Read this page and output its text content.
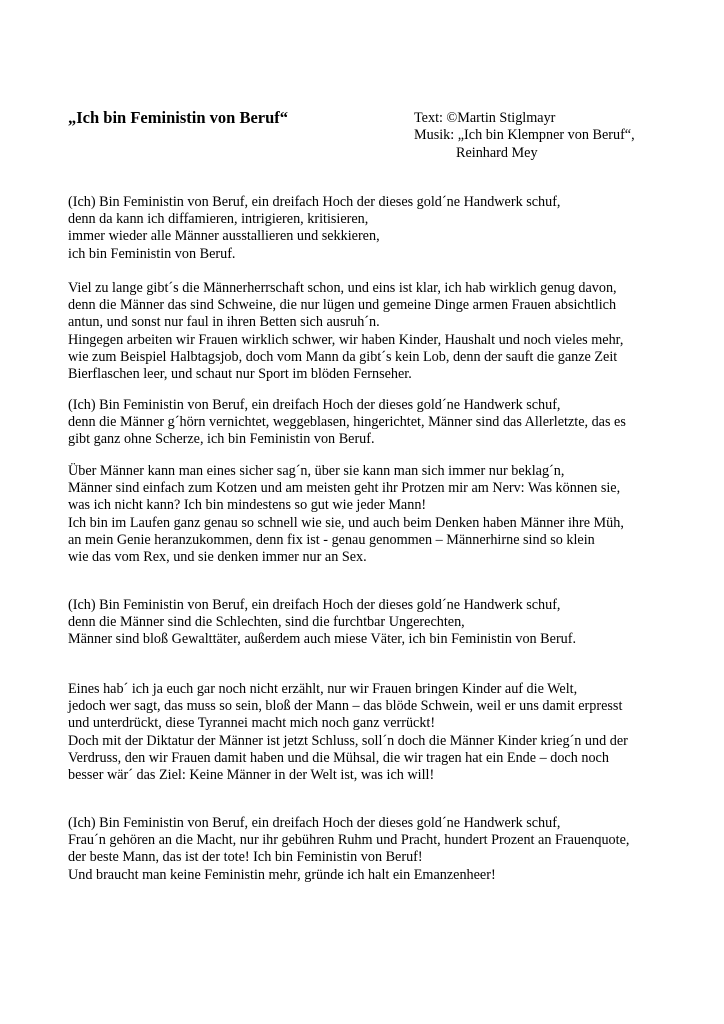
„Ich bin Feministin von Beruf“	Text: ©Martin Stiglmayr
Musik: „Ich bin Klempner von Beruf“,
Reinhard Mey
(Ich) Bin Feministin von Beruf, ein dreifach Hoch der dieses gold´ne Handwerk schuf,
denn da kann ich diffamieren, intrigieren, kritisieren,
immer wieder alle Männer ausstallieren und sekkieren,
ich bin Feministin von Beruf.
Viel zu lange gibt´s die Männerherrschaft schon, und eins ist klar, ich hab wirklich genug davon,
denn die Männer das sind Schweine, die nur lügen und gemeine Dinge armen Frauen absichtlich
antun, und sonst nur faul in ihren Betten sich ausruh´n.
Hingegen arbeiten wir Frauen wirklich schwer, wir haben Kinder, Haushalt und noch vieles mehr,
wie zum Beispiel Halbtagsjob, doch vom Mann da gibt´s kein Lob, denn der sauft die ganze Zeit
Bierflaschen leer, und schaut nur Sport im blöden Fernseher.
(Ich) Bin Feministin von Beruf, ein dreifach Hoch der dieses gold´ne Handwerk schuf,
denn die Männer g´hörn vernichtet, weggeblasen, hingerichtet, Männer sind das Allerletzte, das es
gibt ganz ohne Scherze, ich bin Feministin von Beruf.
Über Männer kann man eines sicher sag´n, über sie kann man sich immer nur beklag´n,
Männer sind einfach zum Kotzen und am meisten geht ihr Protzen mir am Nerv: Was können sie,
was ich nicht kann? Ich bin mindestens so gut wie jeder Mann!
Ich bin im Laufen ganz genau so schnell wie sie, und auch beim Denken haben Männer ihre Müh,
an mein Genie heranzukommen, denn fix ist - genau genommen – Männerhirne sind so klein
wie das vom Rex, und sie denken immer nur an Sex.
(Ich) Bin Feministin von Beruf, ein dreifach Hoch der dieses gold´ne Handwerk schuf,
denn die Männer sind die Schlechten, sind die furchtbar Ungerechten,
Männer sind bloß Gewalttäter, außerdem auch miese Väter, ich bin Feministin von Beruf.
Eines hab´ ich ja euch gar noch nicht erzählt, nur wir Frauen bringen Kinder auf die Welt,
jedoch wer sagt, das muss so sein, bloß der Mann – das blöde Schwein, weil er uns damit erpresst
und unterdrückt, diese Tyrannei macht mich noch ganz verrückt!
Doch mit der Diktatur der Männer ist jetzt Schluss, soll´n doch die Männer Kinder krieg´n und der
Verdruss, den wir Frauen damit haben und die Mühsal, die wir tragen hat ein Ende – doch noch
besser wär´ das Ziel: Keine Männer in der Welt ist, was ich will!
(Ich) Bin Feministin von Beruf, ein dreifach Hoch der dieses gold´ne Handwerk schuf,
Frau´n gehören an die Macht, nur ihr gebühren Ruhm und Pracht, hundert Prozent an Frauenquote,
der beste Mann, das ist der tote! Ich bin Feministin von Beruf!
Und braucht man keine Feministin mehr, gründe ich halt ein Emanzenheer!
